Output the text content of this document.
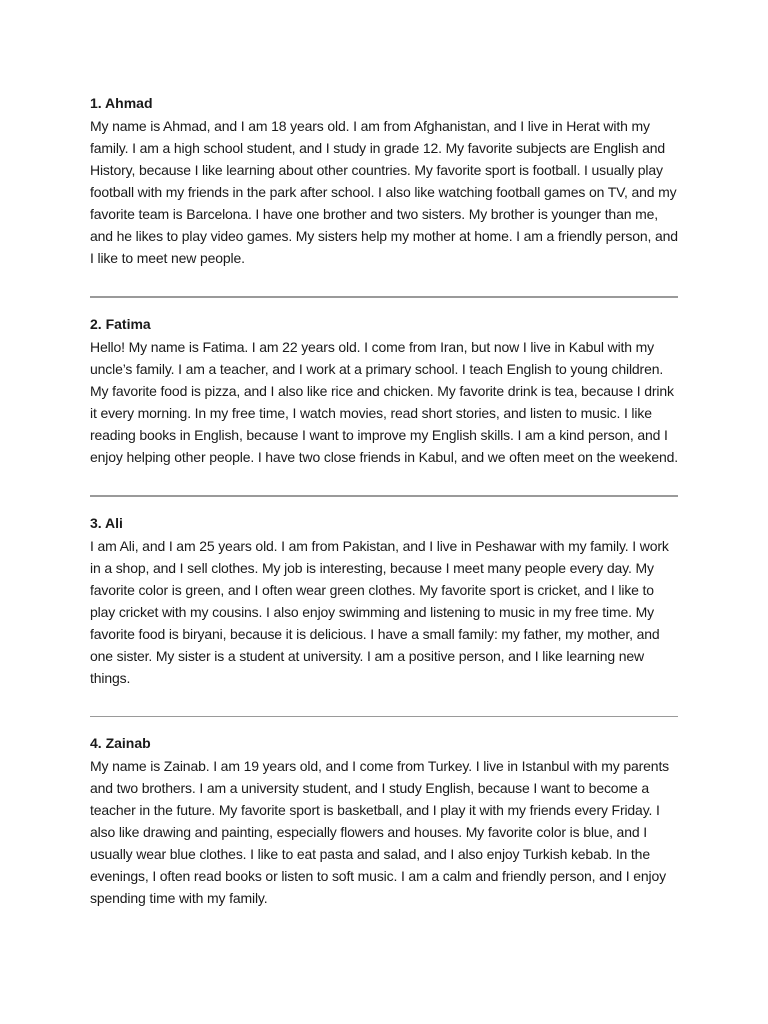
1. Ahmad

My name is Ahmad, and I am 18 years old. I am from Afghanistan, and I live in Herat with my family. I am a high school student, and I study in grade 12. My favorite subjects are English and History, because I like learning about other countries. My favorite sport is football. I usually play football with my friends in the park after school. I also like watching football games on TV, and my favorite team is Barcelona. I have one brother and two sisters. My brother is younger than me, and he likes to play video games. My sisters help my mother at home. I am a friendly person, and I like to meet new people.

2. Fatima

Hello! My name is Fatima. I am 22 years old. I come from Iran, but now I live in Kabul with my uncle’s family. I am a teacher, and I work at a primary school. I teach English to young children. My favorite food is pizza, and I also like rice and chicken. My favorite drink is tea, because I drink it every morning. In my free time, I watch movies, read short stories, and listen to music. I like reading books in English, because I want to improve my English skills. I am a kind person, and I enjoy helping other people. I have two close friends in Kabul, and we often meet on the weekend.

3. Ali

I am Ali, and I am 25 years old. I am from Pakistan, and I live in Peshawar with my family. I work in a shop, and I sell clothes. My job is interesting, because I meet many people every day. My favorite color is green, and I often wear green clothes. My favorite sport is cricket, and I like to play cricket with my cousins. I also enjoy swimming and listening to music in my free time. My favorite food is biryani, because it is delicious. I have a small family: my father, my mother, and one sister. My sister is a student at university. I am a positive person, and I like learning new things.

4. Zainab

My name is Zainab. I am 19 years old, and I come from Turkey. I live in Istanbul with my parents and two brothers. I am a university student, and I study English, because I want to become a teacher in the future. My favorite sport is basketball, and I play it with my friends every Friday. I also like drawing and painting, especially flowers and houses. My favorite color is blue, and I usually wear blue clothes. I like to eat pasta and salad, and I also enjoy Turkish kebab. In the evenings, I often read books or listen to soft music. I am a calm and friendly person, and I enjoy spending time with my family.
